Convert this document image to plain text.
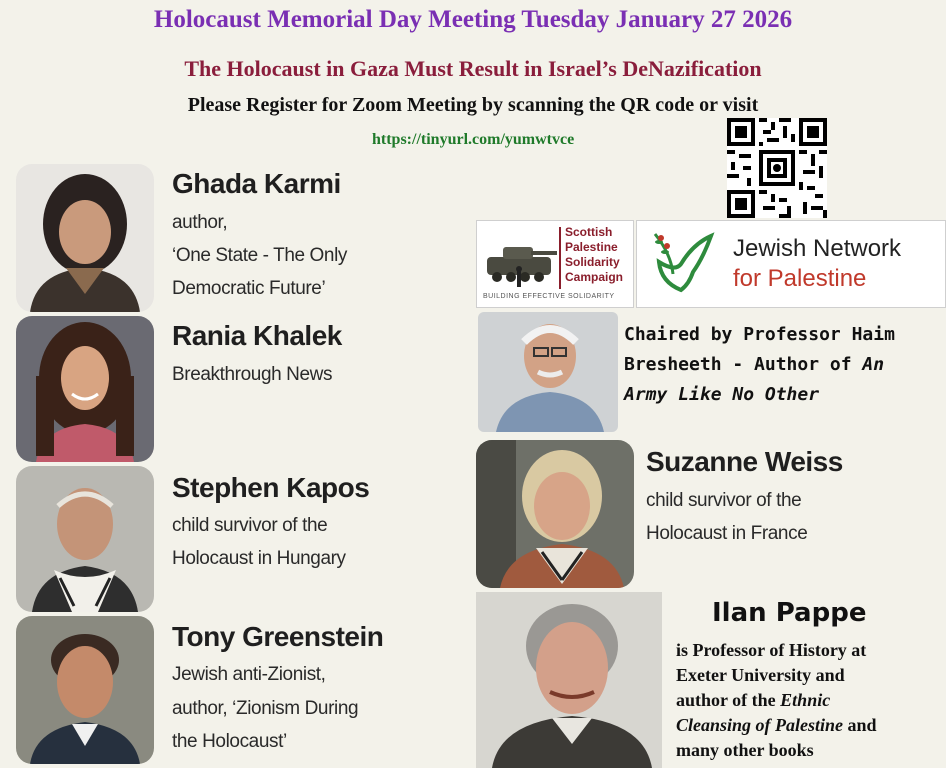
Holocaust Memorial Day Meeting Tuesday January 27 2026
The Holocaust in Gaza Must Result in Israel’s DeNazification
Please Register for Zoom Meeting by scanning the QR code or visit
https://tinyurl.com/yumwtvce
Ghada Karmi
author,
‘One State - The Only
Democratic Future’
Rania Khalek
Breakthrough News
Stephen Kapos
child survivor of the
Holocaust in Hungary
Tony Greenstein
Jewish anti-Zionist,
author, ‘Zionism During
the Holocaust’
Scottish
Palestine
Solidarity
Campaign
BUILDING EFFECTIVE SOLIDARITY
Jewish Network
for Palestine
Chaired by Professor Haim
Bresheeth - Author of An
Army Like No Other
Suzanne Weiss
child survivor of the
Holocaust in France
Ilan Pappe
is Professor of History at
Exeter University and
author of the Ethnic
Cleansing of Palestine and
many other books
